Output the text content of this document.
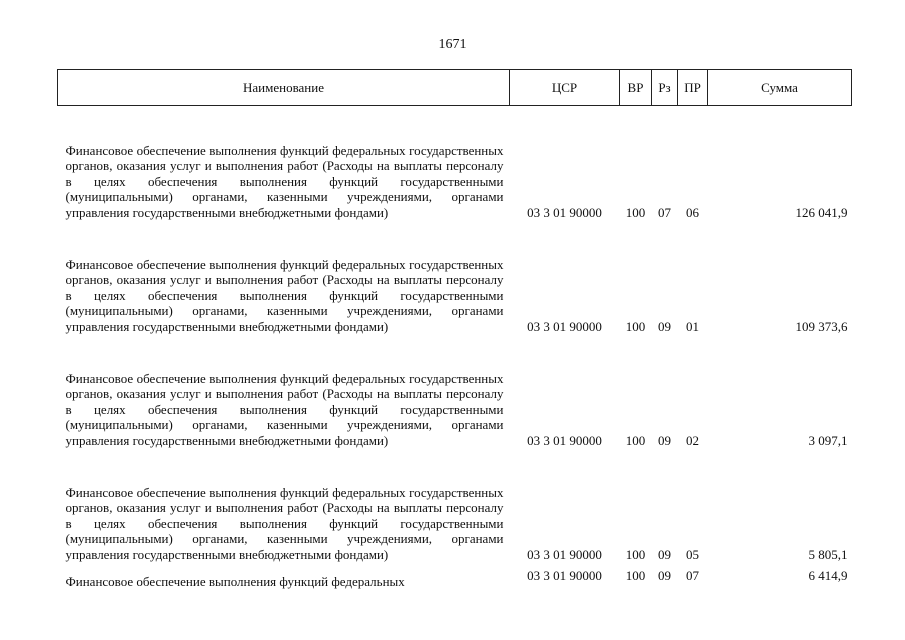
1671
Наименование	ЦСР	ВР	Рз	ПР	Сумма

Финансовое обеспечение выполнения функций федеральных государственных органов, оказания услуг и выполнения работ (Расходы на выплаты персоналу в целях обеспечения выполнения функций государственными (муниципальными) органами, казенными учреждениями, органами управления государственными внебюджетными фондами)	03 3 01 90000	100	07	06	126 041,9

Финансовое обеспечение выполнения функций федеральных государственных органов, оказания услуг и выполнения работ (Расходы на выплаты персоналу в целях обеспечения выполнения функций государственными (муниципальными) органами, казенными учреждениями, органами управления государственными внебюджетными фондами)	03 3 01 90000	100	09	01	109 373,6

Финансовое обеспечение выполнения функций федеральных государственных органов, оказания услуг и выполнения работ (Расходы на выплаты персоналу в целях обеспечения выполнения функций государственными (муниципальными) органами, казенными учреждениями, органами управления государственными внебюджетными фондами)	03 3 01 90000	100	09	02	3 097,1

Финансовое обеспечение выполнения функций федеральных государственных органов, оказания услуг и выполнения работ (Расходы на выплаты персоналу в целях обеспечения выполнения функций государственными (муниципальными) органами, казенными учреждениями, органами управления государственными внебюджетными фондами)	03 3 01 90000	100	09	05	5 805,1

Финансовое обеспечение выполнения функций федеральных	03 3 01 90000	100	09	07	6 414,9
